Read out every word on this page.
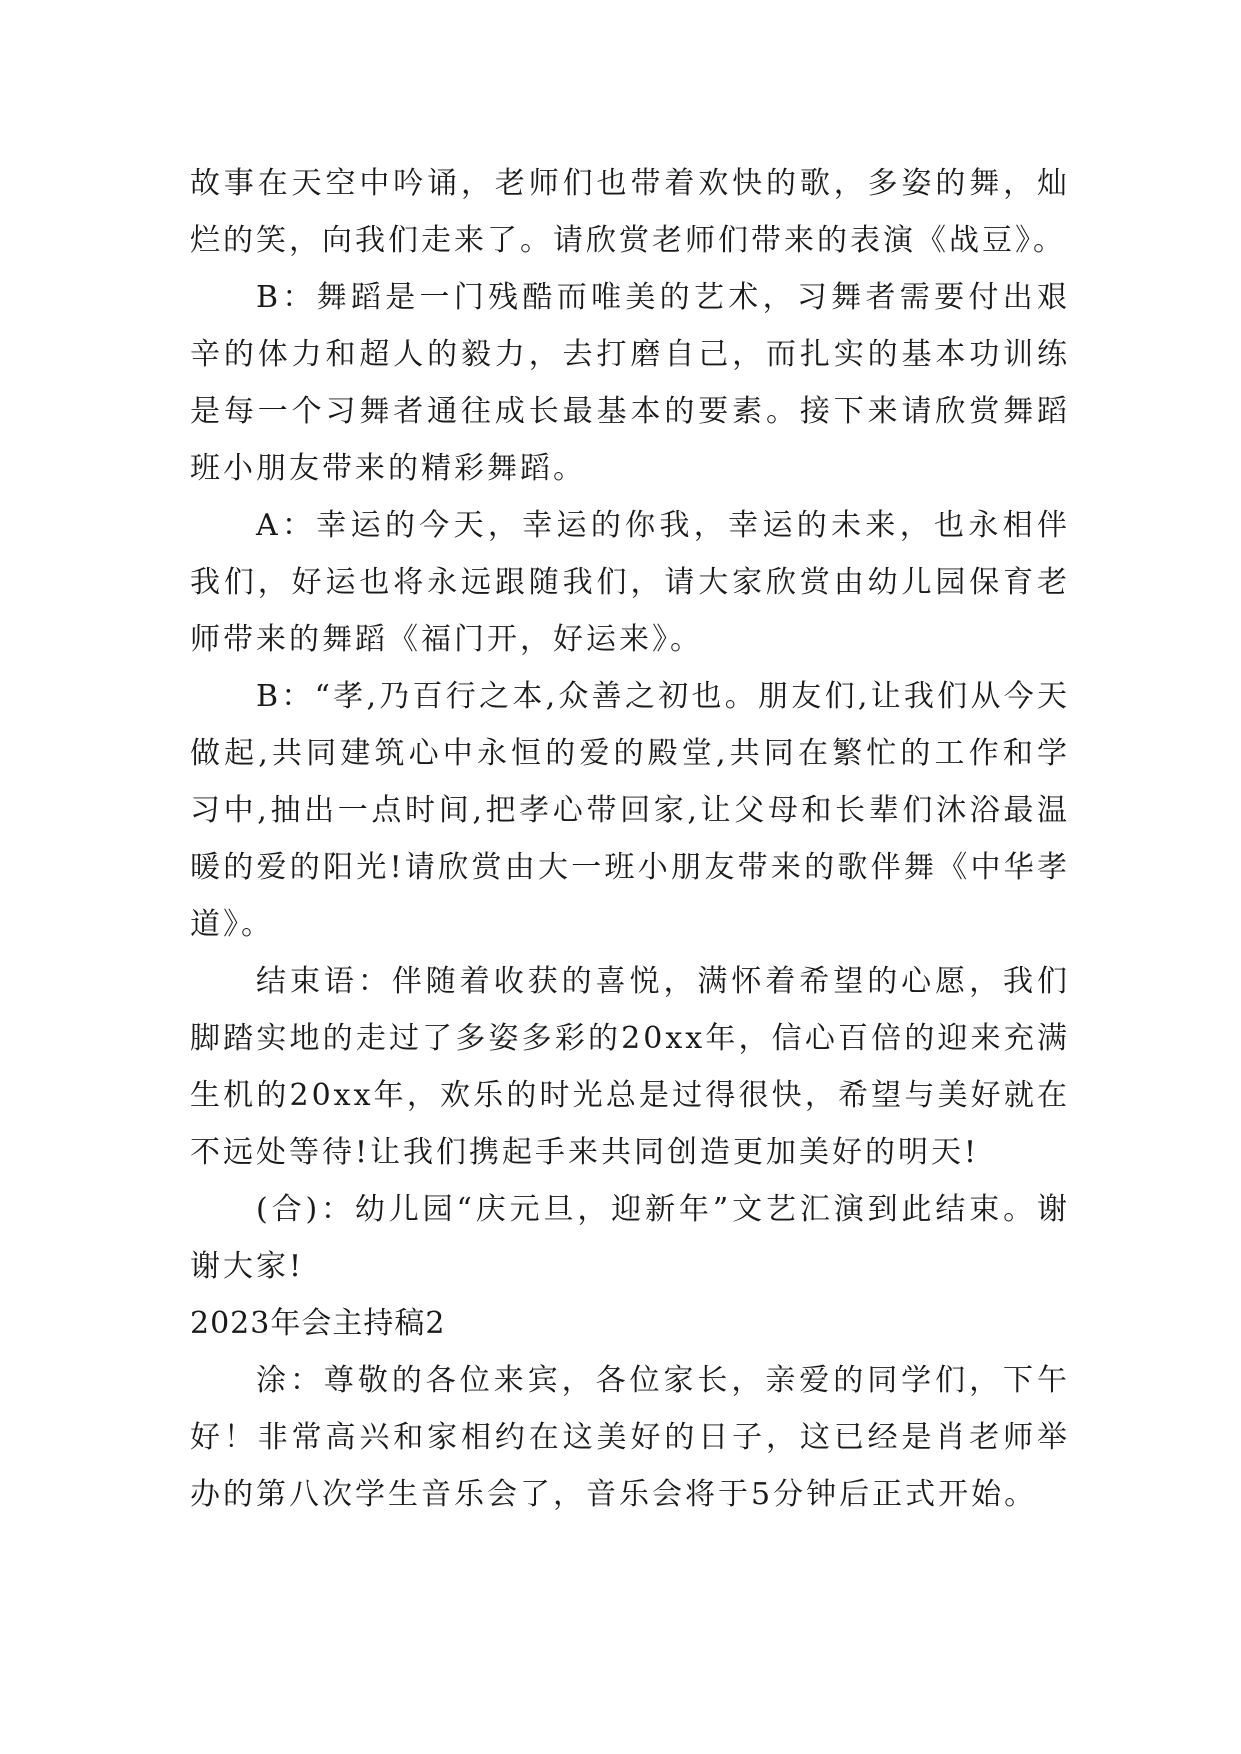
故事在天空中吟诵，老师们也带着欢快的歌，多姿的舞，灿烂的笑，向我们走来了。请欣赏老师们带来的表演《战豆》。

B：舞蹈是一门残酷而唯美的艺术，习舞者需要付出艰辛的体力和超人的毅力，去打磨自己，而扎实的基本功训练是每一个习舞者通往成长最基本的要素。接下来请欣赏舞蹈班小朋友带来的精彩舞蹈。

A：幸运的今天，幸运的你我，幸运的未来，也永相伴我们，好运也将永远跟随我们，请大家欣赏由幼儿园保育老师带来的舞蹈《福门开，好运来》。

B：“孝,乃百行之本,众善之初也。朋友们,让我们从今天做起,共同建筑心中永恒的爱的殿堂,共同在繁忙的工作和学习中,抽出一点时间,把孝心带回家,让父母和长辈们沐浴最温暖的爱的阳光!请欣赏由大一班小朋友带来的歌伴舞《中华孝道》。

结束语：伴随着收获的喜悦，满怀着希望的心愿，我们脚踏实地的走过了多姿多彩的20xx年，信心百倍的迎来充满生机的20xx年，欢乐的时光总是过得很快，希望与美好就在不远处等待!让我们携起手来共同创造更加美好的明天!

(合)：幼儿园“庆元旦，迎新年”文艺汇演到此结束。谢谢大家!

2023年会主持稿2

涂：尊敬的各位来宾，各位家长，亲爱的同学们，下午好！非常高兴和家相约在这美好的日子，这已经是肖老师举办的第八次学生音乐会了，音乐会将于5分钟后正式开始。
